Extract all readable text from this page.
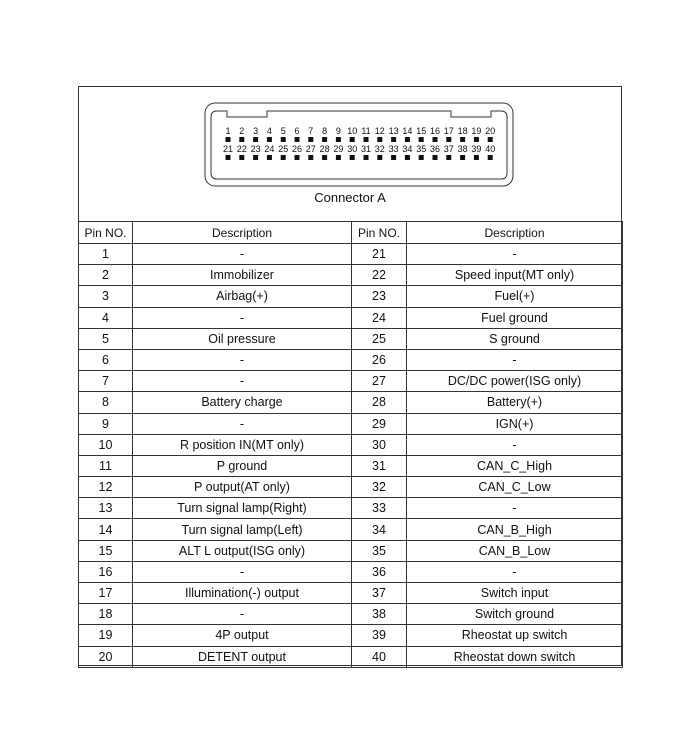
1 2 3 4 5 6 7 8 9 10 11 12 13 14 15 16 17 18 19 20
21 22 23 24 25 26 27 28 29 30 31 32 33 34 35 36 37 38 39 40
Connector A
Pin NO.	Description	Pin NO.	Description
1	-	21	-
2	Immobilizer	22	Speed input(MT only)
3	Airbag(+)	23	Fuel(+)
4	-	24	Fuel ground
5	Oil pressure	25	S ground
6	-	26	-
7	-	27	DC/DC power(ISG only)
8	Battery charge	28	Battery(+)
9	-	29	IGN(+)
10	R position IN(MT only)	30	-
11	P ground	31	CAN_C_High
12	P output(AT only)	32	CAN_C_Low
13	Turn signal lamp(Right)	33	-
14	Turn signal lamp(Left)	34	CAN_B_High
15	ALT L output(ISG only)	35	CAN_B_Low
16	-	36	-
17	Illumination(-) output	37	Switch input
18	-	38	Switch ground
19	4P output	39	Rheostat up switch
20	DETENT output	40	Rheostat down switch
